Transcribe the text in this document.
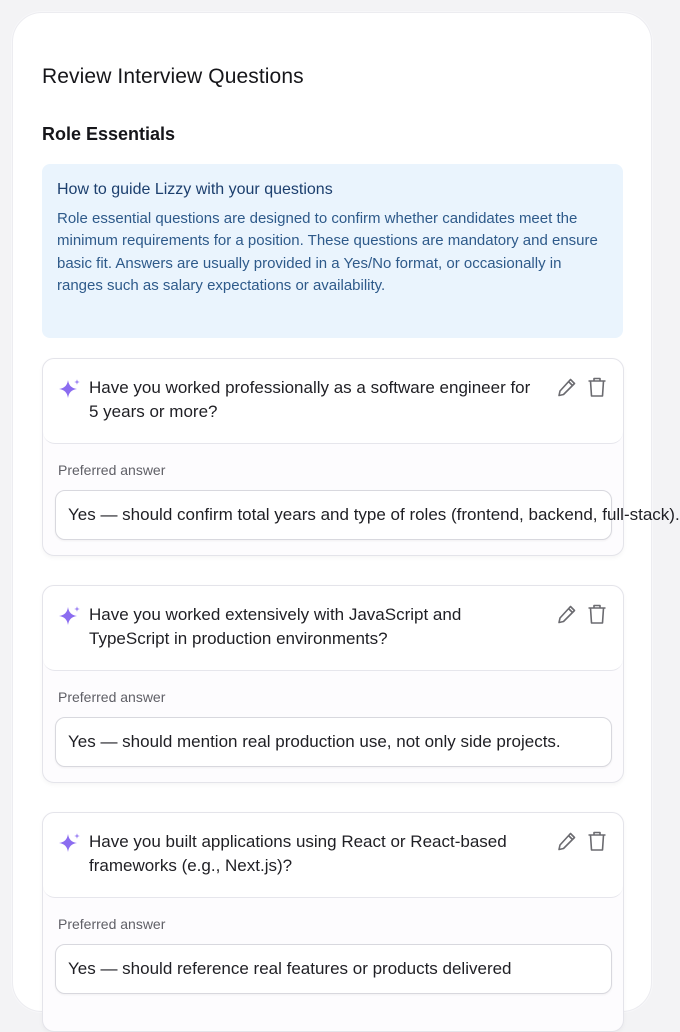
Review Interview Questions
Role Essentials
How to guide Lizzy with your questions
Role essential questions are designed to confirm whether candidates meet the minimum requirements for a position. These questions are mandatory and ensure basic fit. Answers are usually provided in a Yes/No format, or occasionally in ranges such as salary expectations or availability.
Have you worked professionally as a software engineer for 5 years or more?
Preferred answer
Yes — should confirm total years and type of roles (frontend, backend, full-stack).
Have you worked extensively with JavaScript and TypeScript in production environments?
Preferred answer
Yes — should mention real production use, not only side projects.
Have you built applications using React or React-based frameworks (e.g., Next.js)?
Preferred answer
Yes — should reference real features or products delivered
